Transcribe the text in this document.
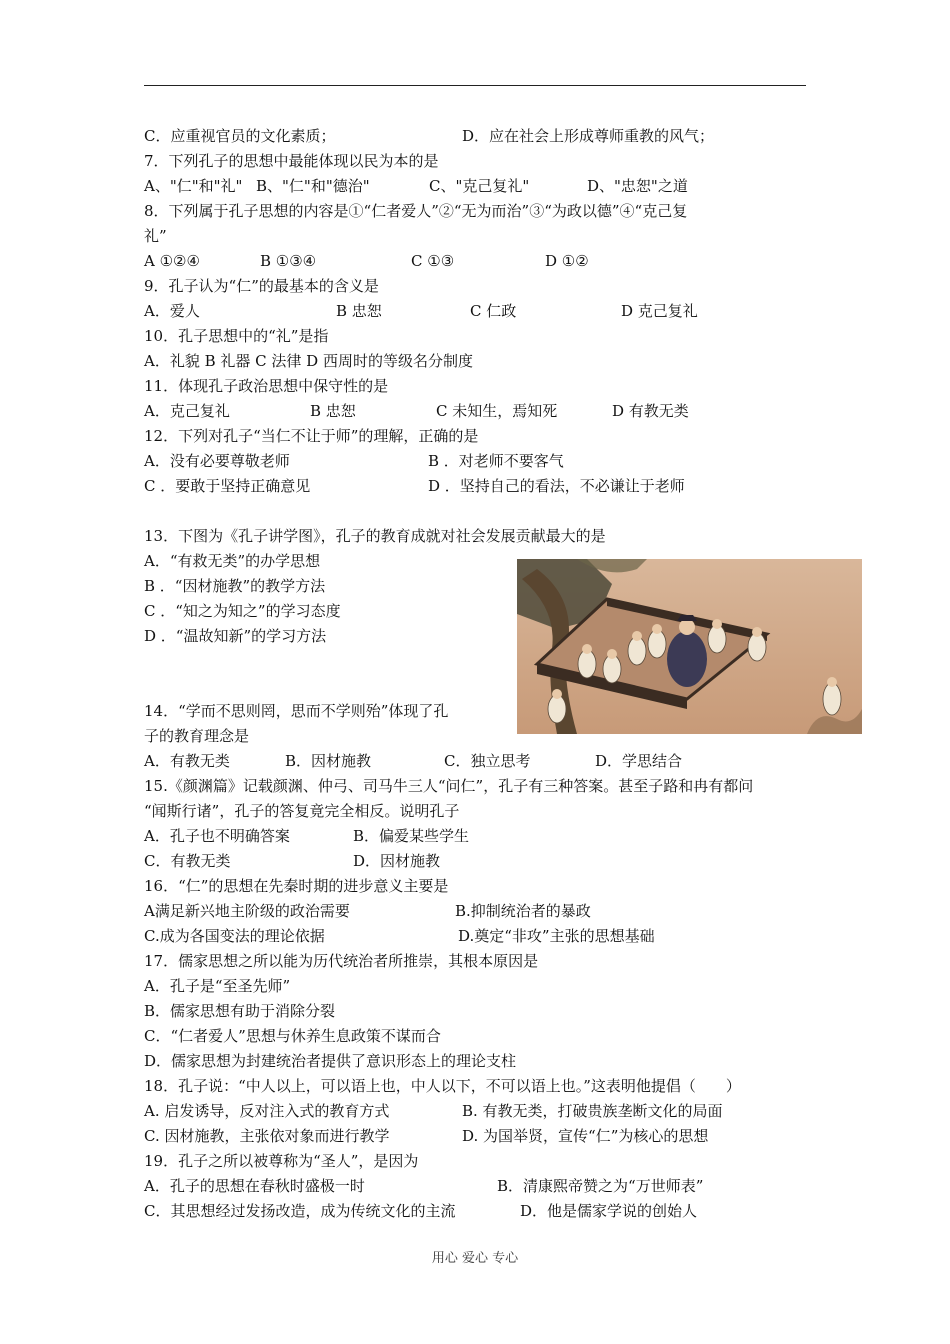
C．应重视官员的文化素质；	D．应在社会上形成尊师重教的风气；
7．下列孔子的思想中最能体现以民为本的是
A、"仁"和"礼" B、"仁"和"德治"	C、"克己复礼"	D、"忠恕"之道
8．下列属于孔子思想的内容是①“仁者爱人”②“无为而治”③“为政以德”④“克己复
礼”
A ①②④	B ①③④	C ①③	D ①②
9．孔子认为“仁”的最基本的含义是
A．爱人	B 忠恕	C 仁政	D 克己复礼
10．孔子思想中的“礼”是指
A．礼貌 B 礼器 C 法律 D 西周时的等级名分制度
11．体现孔子政治思想中保守性的是
A．克己复礼	B 忠恕	C 未知生，焉知死	D 有教无类
12．下列对孔子“当仁不让于师”的理解，正确的是
A．没有必要尊敬老师	B ．对老师不要客气
C ．要敢于坚持正确意见	D ．坚持自己的看法，不必谦让于老师
13．下图为《孔子讲学图》，孔子的教育成就对社会发展贡献最大的是
A．“有救无类”的办学思想
B ．“因材施教”的教学方法
C ．“知之为知之”的学习态度
D ．“温故知新”的学习方法
14．“学而不思则罔，思而不学则殆”体现了孔
子的教育理念是
A．有教无类	B．因材施教	C．独立思考	D．学思结合
15.《颜渊篇》记载颜渊、仲弓、司马牛三人“问仁”，孔子有三种答案。甚至子路和冉有都问
“闻斯行诸”，孔子的答复竟完全相反。说明孔子
A．孔子也不明确答案	B．偏爱某些学生
C．有教无类	D．因材施教
16．“仁”的思想在先秦时期的进步意义主要是
A满足新兴地主阶级的政治需要	B.抑制统治者的暴政
C.成为各国变法的理论依据	D.奠定“非攻”主张的思想基础
17．儒家思想之所以能为历代统治者所推崇，其根本原因是
A．孔子是“至圣先师”
B．儒家思想有助于消除分裂
C．“仁者爱人”思想与休养生息政策不谋而合
D．儒家思想为封建统治者提供了意识形态上的理论支柱
18．孔子说：“中人以上，可以语上也，中人以下，不可以语上也。”这表明他提倡（　　）
A. 启发诱导，反对注入式的教育方式	B. 有教无类，打破贵族垄断文化的局面
C. 因材施教，主张依对象而进行教学	D. 为国举贤，宣传“仁”为核心的思想
19．孔子之所以被尊称为“圣人”，是因为
A．孔子的思想在春秋时盛极一时	B．清康熙帝赞之为“万世师表”
C．其思想经过发扬改造，成为传统文化的主流	D．他是儒家学说的创始人
用心 爱心 专心
